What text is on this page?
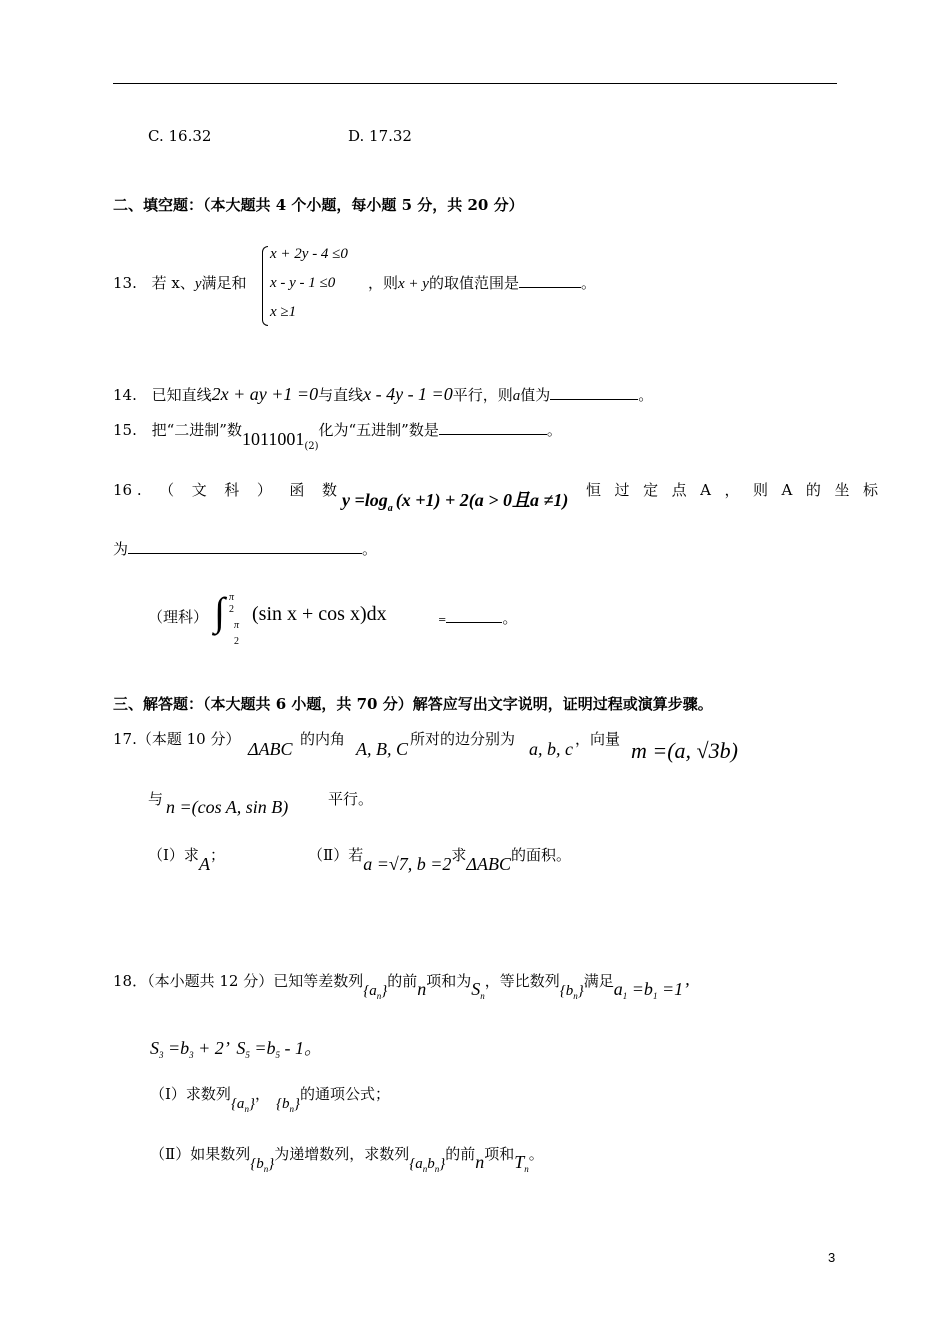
C. 16.32	D. 17.32
二、填空题：（本大题共 4 个小题，每小题 5 分，共 20 分）
13. 若 x、y满足和
x + 2y - 4 ≤0
x - y - 1 ≤0
x ≥1
，则x + y的取值范围是	。
14. 已知直线2x + ay +1 =0与直线x - 4y - 1 =0平行，则a值为	。
15. 把“二进制”数$1011001_{(2)}$化为“五进制”数是	。
16 . （ 文 科 ） 函 数 $y =\log_a$ (x +1) + 2(a > 0且a ≠1) 恒 过 定 点 A ， 则 A 的 坐 标
为	。
（理科） ∫ π
2
π
2
(sin x + cos x)dx	=	。
三、解答题：（本大题共 6 小题，共 70 分）解答应写出文字说明，证明过程或演算步骤。
17.（本题 10 分） ΔABC 的内角 A, B, C 所对的边分别为 a, b, c ，向量 m =(a, √3b)
与 n =(cos A, sin B)	平行。
（Ⅰ）求A；	（Ⅱ）若a =√7, b =2求ΔABC的面积。
18．（本小题共 12 分）已知等差数列$\{a_n\}$的前n项和为$S_n$，等比数列$\{b_n\}$满足$a_1 =b_1 =1$’
$S_3 =b_3 + 2$’ $S_5 =b_5 - 1$。
（Ⅰ）求数列$\{a_n\}$，$\{b_n\}$的通项公式；
（Ⅱ）如果数列$\{b_n\}$为递增数列，求数列$\{a_nb_n\}$的前n项和$T_n$。
3
